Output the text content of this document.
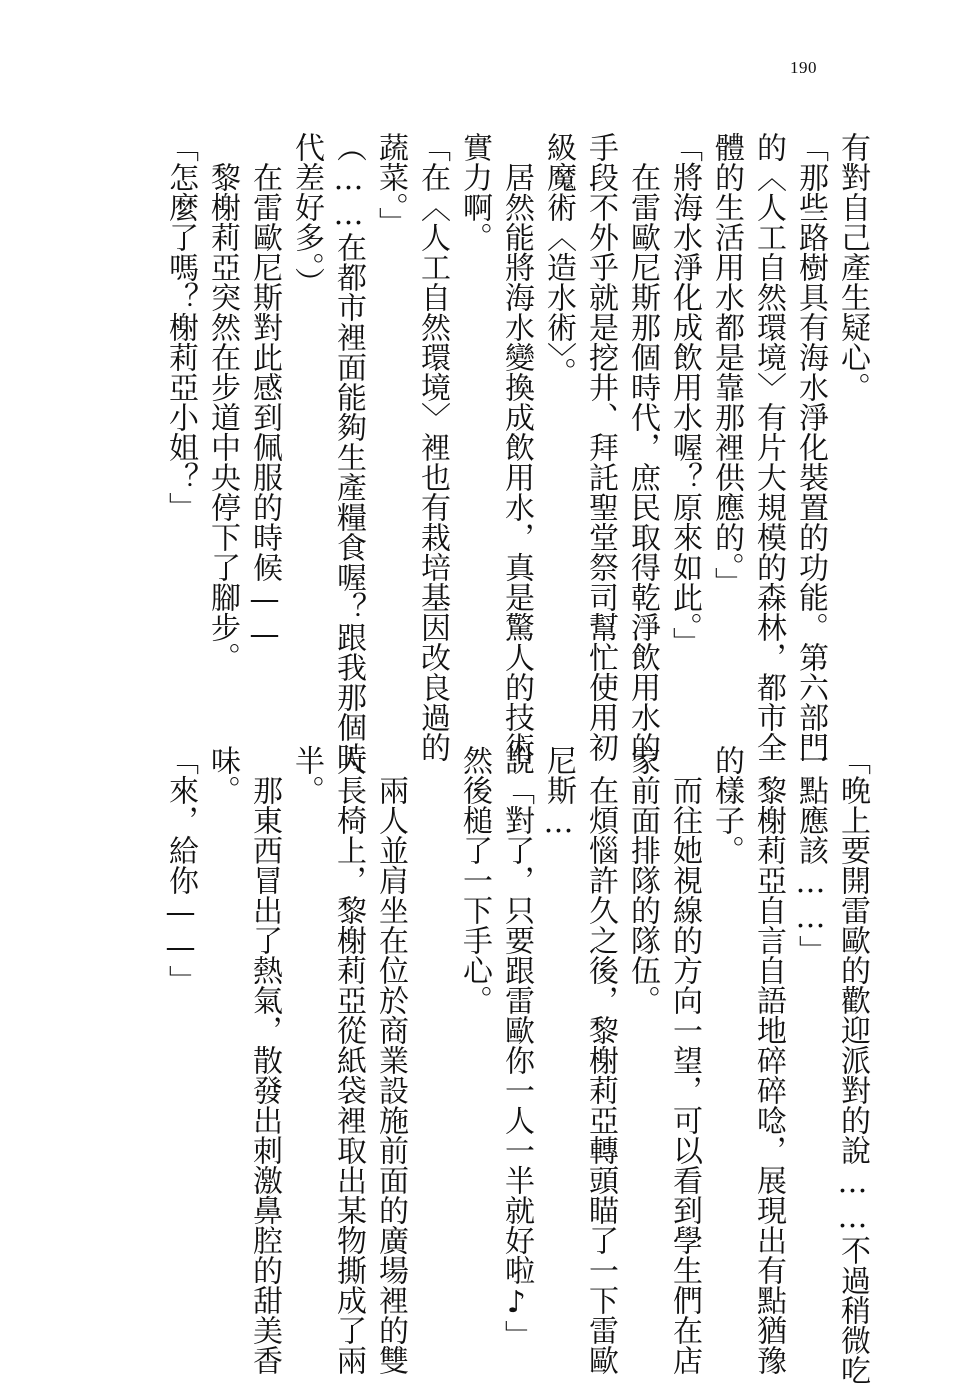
190
有對自己產生疑心。
「那些路樹具有海水淨化裝置的功能。第六部門
的〈人工自然環境〉有片大規模的森林，都市全
體的生活用水都是靠那裡供應的。」
「將海水淨化成飲用水喔？原來如此。」
　在雷歐尼斯那個時代，庶民取得乾淨飲用水的
手段不外乎就是挖井、拜託聖堂祭司幫忙使用初
級魔術〈造水術〉。
　居然能將海水變換成飲用水，真是驚人的技術
實力啊。
「在〈人工自然環境〉裡也有栽培基因改良過的
蔬菜。」
（……在都市裡面能夠生產糧食喔？跟我那個時
代差好多。）
　在雷歐尼斯對此感到佩服的時候——
　黎榭莉亞突然在步道中央停下了腳步。
「怎麼了嗎？榭莉亞小姐？」
「晚上要開雷歐的歡迎派對的說……不過稍微吃
一點應該……」
　黎榭莉亞自言自語地碎碎唸，展現出有點猶豫
的樣子。
　而往她視線的方向一望，可以看到學生們在店
家前面排隊的隊伍。
　在煩惱許久之後，黎榭莉亞轉頭瞄了一下雷歐
尼斯…
說「對了，只要跟雷歐你一人一半就好啦♪」
然後槌了一下手心。
　兩人並肩坐在位於商業設施前面的廣場裡的雙
人長椅上，黎榭莉亞從紙袋裡取出某物撕成了兩
半。
　那東西冒出了熱氣，散發出刺激鼻腔的甜美香
味。
「來，給你——」
